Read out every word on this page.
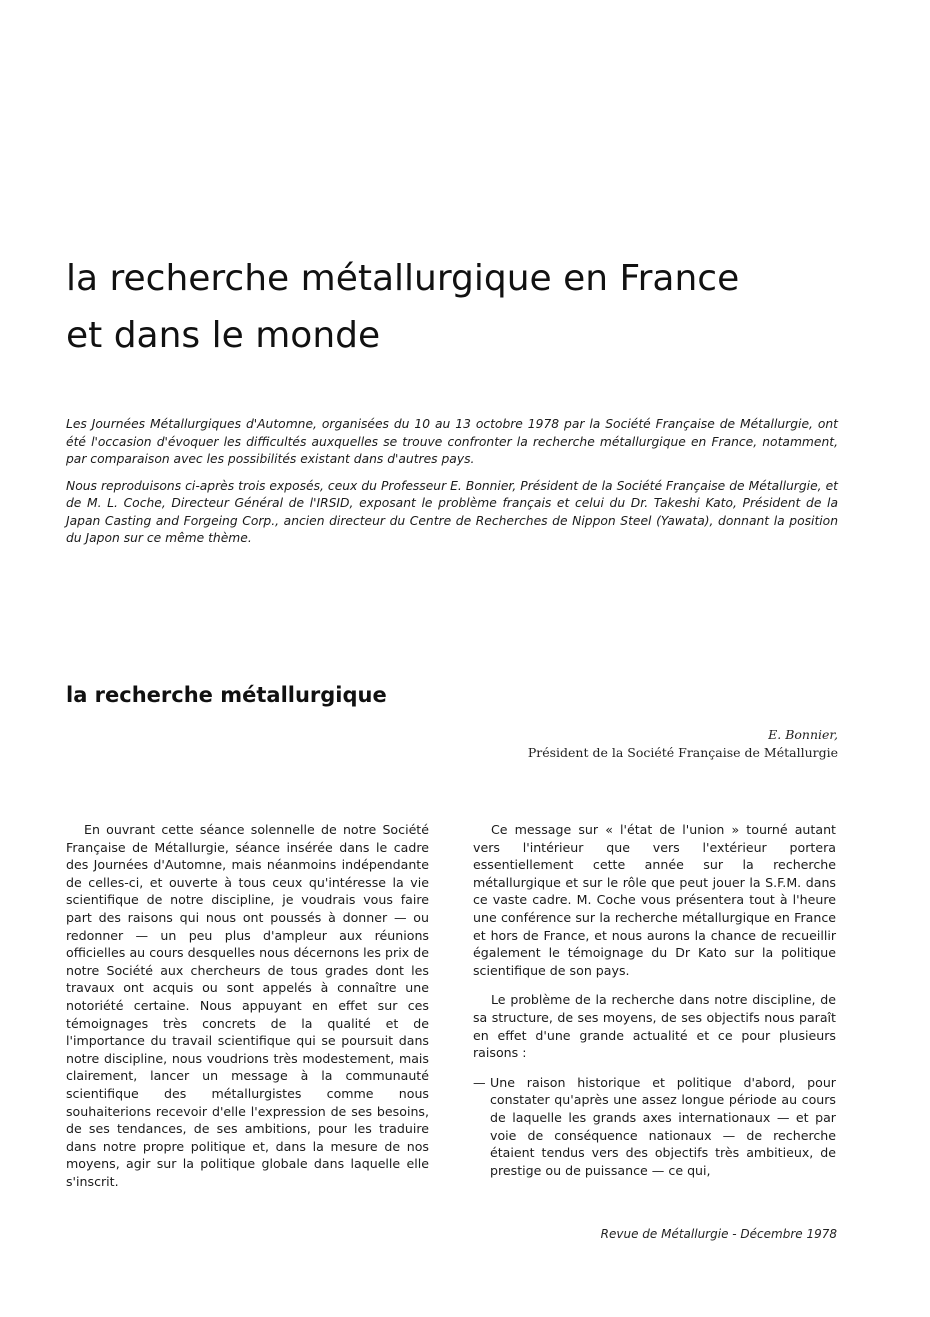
la recherche métallurgique en France
et dans le monde

Les Journées Métallurgiques d'Automne, organisées du 10 au 13 octobre 1978 par la Société Française de Métallurgie, ont été l'occasion d'évoquer les difficultés auxquelles se trouve confronter la recherche métallurgique en France, notamment, par comparaison avec les possibilités existant dans d'autres pays.

Nous reproduisons ci-après trois exposés, ceux du Professeur E. Bonnier, Président de la Société Française de Métallurgie, et de M. L. Coche, Directeur Général de l'IRSID, exposant le problème français et celui du Dr. Takeshi Kato, Président de la Japan Casting and Forgeing Corp., ancien directeur du Centre de Recherches de Nippon Steel (Yawata), donnant la position du Japon sur ce même thème.

la recherche métallurgique
E. Bonnier,
Président de la Société Française de Métallurgie

En ouvrant cette séance solennelle de notre Société Française de Métallurgie, séance insérée dans le cadre des Journées d'Automne, mais néanmoins indépendante de celles-ci, et ouverte à tous ceux qu'intéresse la vie scientifique de notre discipline, je voudrais vous faire part des raisons qui nous ont poussés à donner — ou redonner — un peu plus d'ampleur aux réunions officielles au cours desquelles nous décernons les prix de notre Société aux chercheurs de tous grades dont les travaux ont acquis ou sont appelés à connaître une notoriété certaine. Nous appuyant en effet sur ces témoignages très concrets de la qualité et de l'importance du travail scientifique qui se poursuit dans notre discipline, nous voudrions très modestement, mais clairement, lancer un message à la communauté scientifique des métallurgistes comme nous souhaiterions recevoir d'elle l'expression de ses besoins, de ses tendances, de ses ambitions, pour les traduire dans notre propre politique et, dans la mesure de nos moyens, agir sur la politique globale dans laquelle elle s'inscrit.

Ce message sur « l'état de l'union » tourné autant vers l'intérieur que vers l'extérieur portera essentiellement cette année sur la recherche métallurgique et sur le rôle que peut jouer la S.F.M. dans ce vaste cadre. M. Coche vous présentera tout à l'heure une conférence sur la recherche métallurgique en France et hors de France, et nous aurons la chance de recueillir également le témoignage du Dr Kato sur la politique scientifique de son pays.

Le problème de la recherche dans notre discipline, de sa structure, de ses moyens, de ses objectifs nous paraît en effet d'une grande actualité et ce pour plusieurs raisons :

— Une raison historique et politique d'abord, pour constater qu'après une assez longue période au cours de laquelle les grands axes internationaux — et par voie de conséquence nationaux — de recherche étaient tendus vers des objectifs très ambitieux, de prestige ou de puissance — ce qui,

Revue de Métallurgie - Décembre 1978
